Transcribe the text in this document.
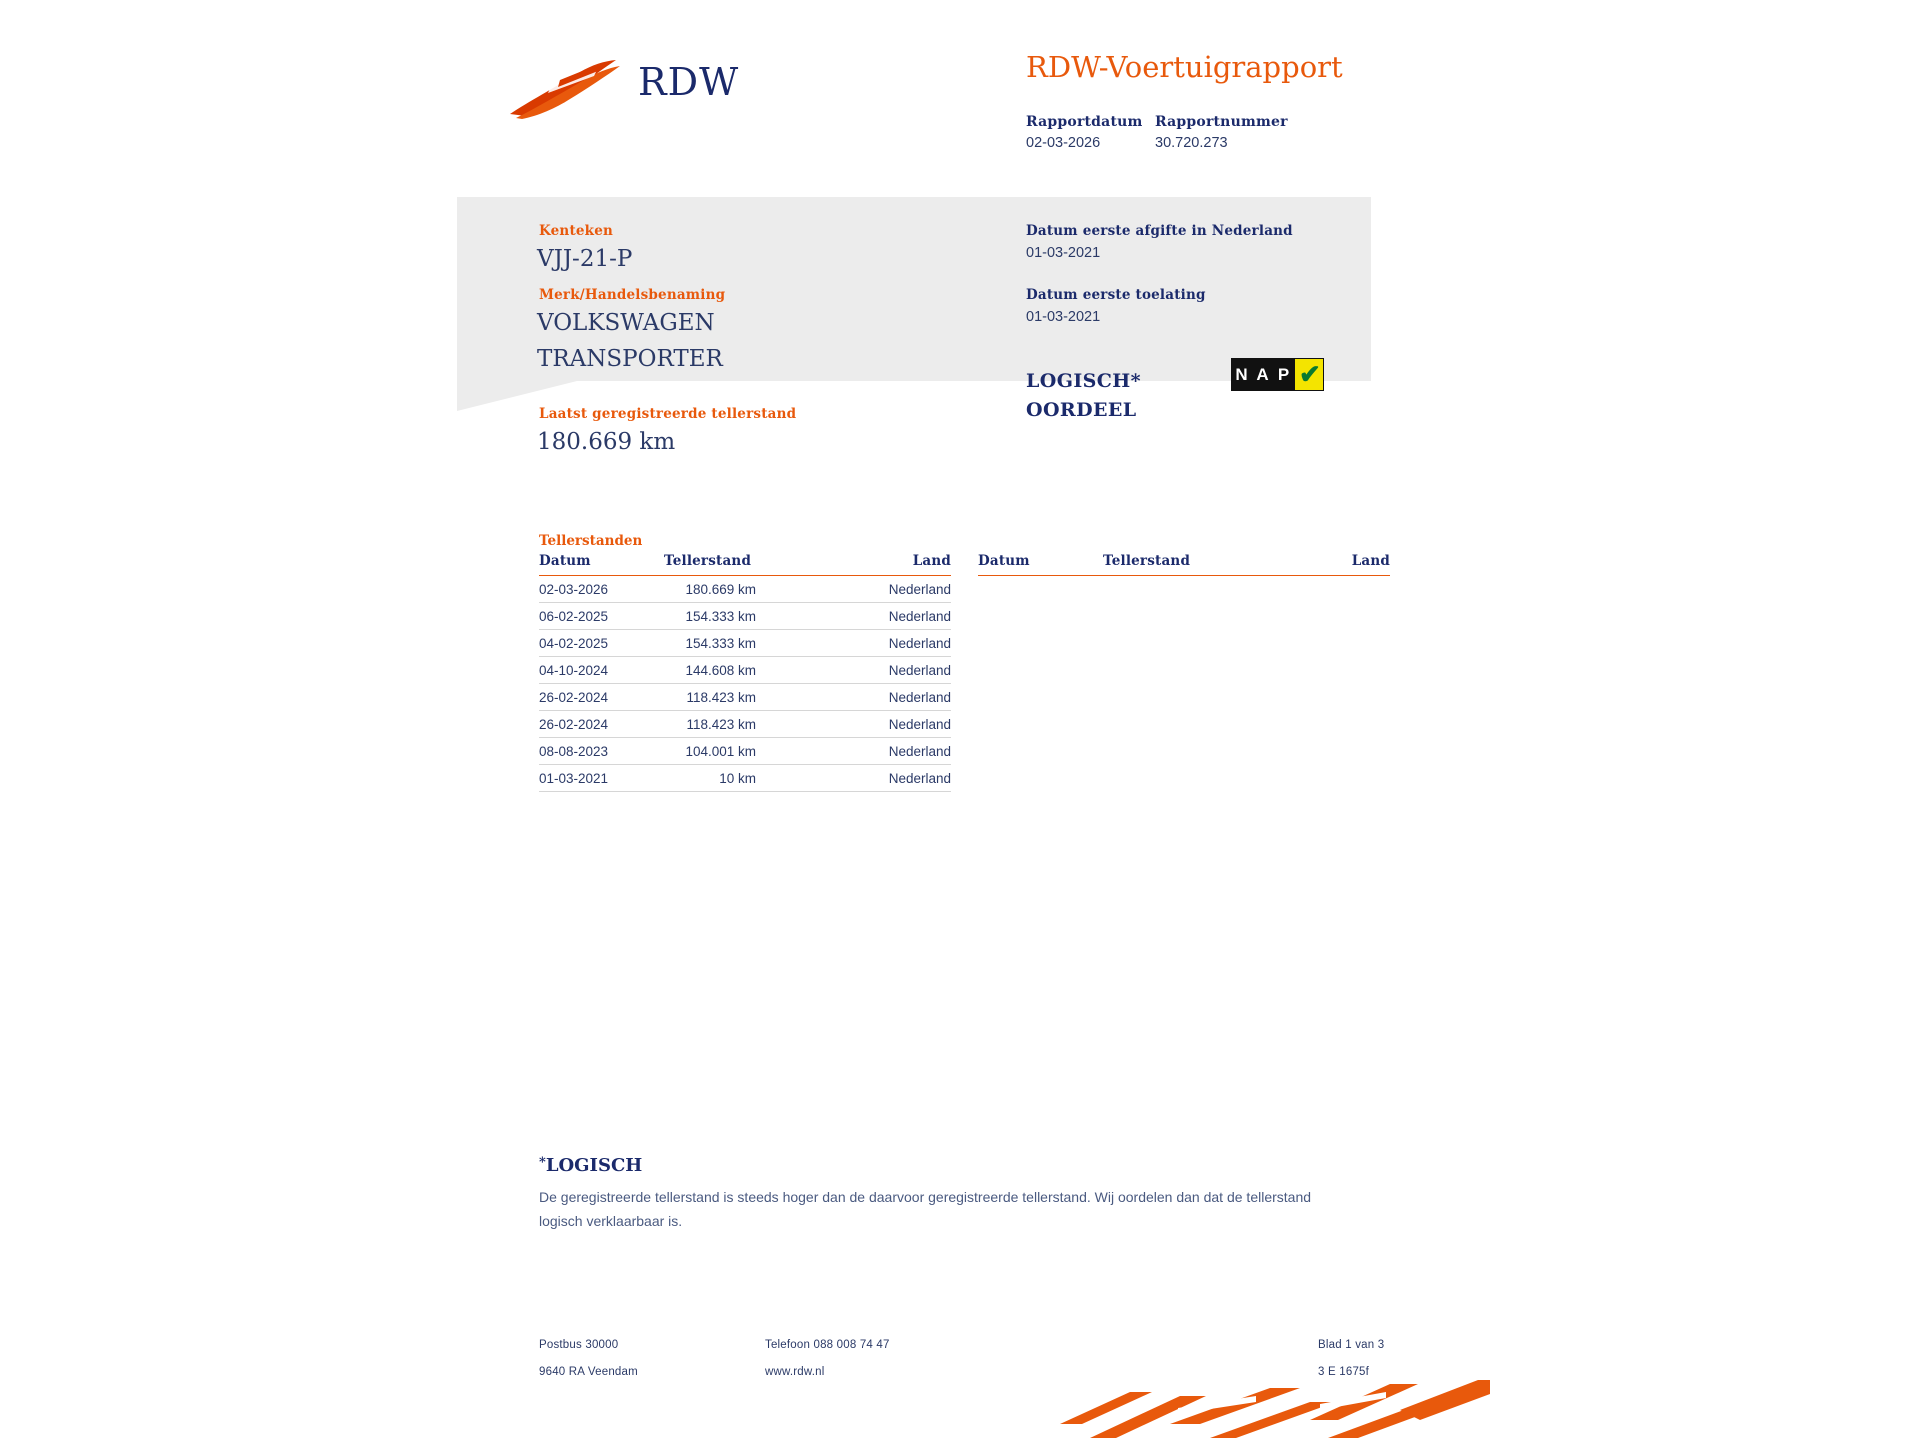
RDW	RDW-Voertuigrapport
Rapportdatum
02-03-2026
Rapportnummer
30.720.273
Kenteken
VJJ-21-P
Merk/Handelsbenaming
VOLKSWAGEN
TRANSPORTER
Laatst geregistreerde tellerstand
180.669 km
Datum eerste afgifte in Nederland
01-03-2021
Datum eerste toelating
01-03-2021
LOGISCH*
OORDEEL
N A P ✔
Tellerstanden
Datum	Tellerstand	Land
02-03-2026	180.669 km	Nederland
06-02-2025	154.333 km	Nederland
04-02-2025	154.333 km	Nederland
04-10-2024	144.608 km	Nederland
26-02-2024	118.423 km	Nederland
26-02-2024	118.423 km	Nederland
08-08-2023	104.001 km	Nederland
01-03-2021	10 km	Nederland
Datum	Tellerstand	Land
*LOGISCH
De geregistreerde tellerstand is steeds hoger dan de daarvoor geregistreerde tellerstand. Wij oordelen dan dat de tellerstand logisch verklaarbaar is.
Postbus 30000
9640 RA Veendam
Telefoon 088 008 74 47
www.rdw.nl
Blad 1 van 3
3 E 1675f
